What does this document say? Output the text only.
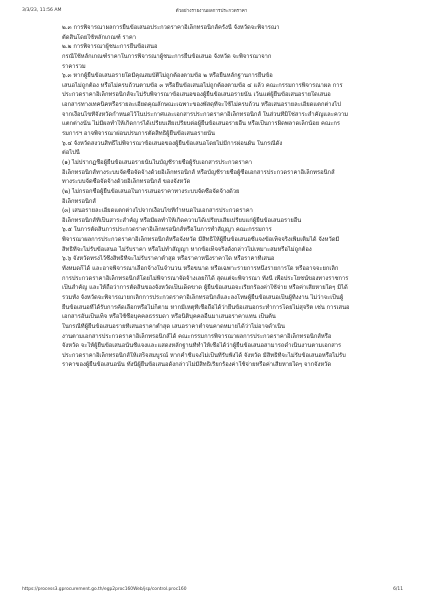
3/3/23, 11:56 AM	ตัวอย่างรายงานผลการประกวดราคา
๒.๓ การพิจารณาผลการยื่นข้อเสนอประกวดราคาอิเล็กทรอนิกส์ครั้งนี้ จังหวัดจะพิจารณา
ตัดสินโดยใช้หลักเกณฑ์ ราคา
๒.๒ การพิจารณาผู้ชนะการยื่นข้อเสนอ
กรณีใช้หลักเกณฑ์ราคาในการพิจารณาผู้ชนะการยื่นข้อเสนอ จังหวัด จะพิจารณาจาก
ราคารวม
๖.๓ หากผู้ยื่นข้อเสนอรายใดมีคุณสมบัติไม่ถูกต้องตามข้อ ๒ หรือยื่นหลักฐานการยื่นข้อ
เสนอไม่ถูกต้อง หรือไม่ครบถ้วนตามข้อ ๓ หรือยื่นข้อเสนอไม่ถูกต้องตามข้อ ๔ แล้ว คณะกรรมการพิจารณาผล การ
ประกวดราคาอิเล็กทรอนิกส์จะไม่รับพิจารณาข้อเสนอของผู้ยื่นข้อเสนอรายนั้น เว้นแต่ผู้ยื่นข้อเสนอรายใดเสนอ
เอกสารทางเทคนิคหรือรายละเอียดคุณลักษณะเฉพาะของพัสดุที่จะใช้ไม่ครบถ้วน หรือเสนอรายละเอียดแตกต่างไป
จากเงื่อนไขที่จังหวัดกำหนดไว้ในประกาศและเอกสารประกวดราคาอิเล็กทรอนิกส์ ในส่วนที่มิใช่สาระสำคัญและความ
แตกต่างนั้น ไม่มีผลทำให้เกิดการได้เปรียบเสียเปรียบต่อผู้ยื่นข้อเสนอรายอื่น หรือเป็นการผิดพลาดเล็กน้อย คณะกร
รมการฯ อาจพิจารณาผ่อนปรนการตัดสิทธิผู้ยื่นข้อเสนอรายนั้น
๖.๔ จังหวัดสงวนสิทธิ์ไม่พิจารณาข้อเสนอของผู้ยื่นข้อเสนอโดยไม่มีการผ่อนผัน ในกรณีดัง
ต่อไปนี้
(๑) ไม่ปรากฏชื่อผู้ยื่นข้อเสนอรายนั้นในบัญชีรายชื่อผู้รับเอกสารประกวดราคา
อิเล็กทรอนิกส์ทางระบบจัดซื้อจัดจ้างด้วยอิเล็กทรอนิกส์ หรือบัญชีรายชื่อผู้ซื้อเอกสารประกวดราคาอิเล็กทรอนิกส์
ทางระบบจัดซื้อจัดจ้างด้วยอิเล็กทรอนิกส์ ของจังหวัด
(๒) ไม่กรอกชื่อผู้ยื่นข้อเสนอในการเสนอราคาทางระบบจัดซื้อจัดจ้างด้วย
อิเล็กทรอนิกส์
(๓) เสนอรายละเอียดแตกต่างไปจากเงื่อนไขที่กำหนดในเอกสารประกวดราคา
อิเล็กทรอนิกส์ที่เป็นสาระสำคัญ หรือมีผลทำให้เกิดความได้เปรียบเสียเปรียบแก่ผู้ยื่นข้อเสนอรายอื่น
๖.๕ ในการตัดสินการประกวดราคาอิเล็กทรอนิกส์หรือในการทำสัญญา คณะกรรมการ
พิจารณาผลการประกวดราคาอิเล็กทรอนิกส์หรือจังหวัด มีสิทธิให้ผู้ยื่นข้อเสนอชี้แจงข้อเท็จจริงเพิ่มเติมได้ จังหวัดมี
สิทธิที่จะไม่รับข้อเสนอ ไม่รับราคา หรือไม่ทำสัญญา หากข้อเท็จจริงดังกล่าวไม่เหมาะสมหรือไม่ถูกต้อง
๖.๖ จังหวัดทรงไว้ซึ่งสิทธิที่จะไม่รับราคาต่ำสุด หรือราคาหนึ่งราคาใด หรือราคาที่เสนอ
ทั้งหมดก็ได้ และอาจพิจารณาเลือกจ้างในจำนวน หรือขนาด หรือเฉพาะรายการหนึ่งรายการใด หรืออาจจะยกเลิก
การประกวดราคาอิเล็กทรอนิกส์โดยไม่พิจารณาจัดจ้างเลยก็ได้ สุดแต่จะพิจารณา ทั้งนี้ เพื่อประโยชน์ของทางราชการ
เป็นสำคัญ และให้ถือว่าการตัดสินของจังหวัดเป็นเด็ดขาด ผู้ยื่นข้อเสนอจะเรียกร้องค่าใช้จ่าย หรือค่าเสียหายใดๆ มิได้
รวมทั้ง จังหวัดจะพิจารณายกเลิกการประกวดราคาอิเล็กทรอนิกส์และลงโทษผู้ยื่นข้อเสนอเป็นผู้ทิ้งงาน ไม่ว่าจะเป็นผู้
ยื่นข้อเสนอที่ได้รับการคัดเลือกหรือไม่ก็ตาม หากมีเหตุที่เชื่อถือได้ว่ายื่นข้อเสนอกระทำการโดยไม่สุจริต เช่น การเสนอ
เอกสารอันเป็นเท็จ หรือใช้ชื่อบุคคลธรรมดา หรือนิติบุคคลอื่นมาเสนอราคาแทน เป็นต้น
ในกรณีที่ผู้ยื่นข้อเสนอรายที่เสนอราคาต่ำสุด เสนอราคาต่ำจนคาดหมายได้ว่าไม่อาจดำเนิน
งานตามเอกสารประกวดราคาอิเล็กทรอนิกส์ได้ คณะกรรมการพิจารณาผลการประกวดราคาอิเล็กทรอนิกส์หรือ
จังหวัด จะให้ผู้ยื่นข้อเสนอนั้นชี้แจงและแสดงหลักฐานที่ทำให้เชื่อได้ว่าผู้ยื่นข้อเสนอสามารถดำเนินงานตามเอกสาร
ประกวดราคาอิเล็กทรอนิกส์ให้เสร็จสมบูรณ์ หากคำชี้แจงไม่เป็นที่รับฟังได้ จังหวัด มีสิทธิที่จะไม่รับข้อเสนอหรือไม่รับ
ราคาของผู้ยื่นข้อเสนอนั้น ทั้งนี้ผู้ยื่นข้อเสนอดังกล่าวไม่มีสิทธิเรียกร้องค่าใช้จ่ายหรือค่าเสียหายใดๆ จากจังหวัด
https://process3.gprocurement.go.th/egp2proc160Web/jsp/control.proc160	6/11
